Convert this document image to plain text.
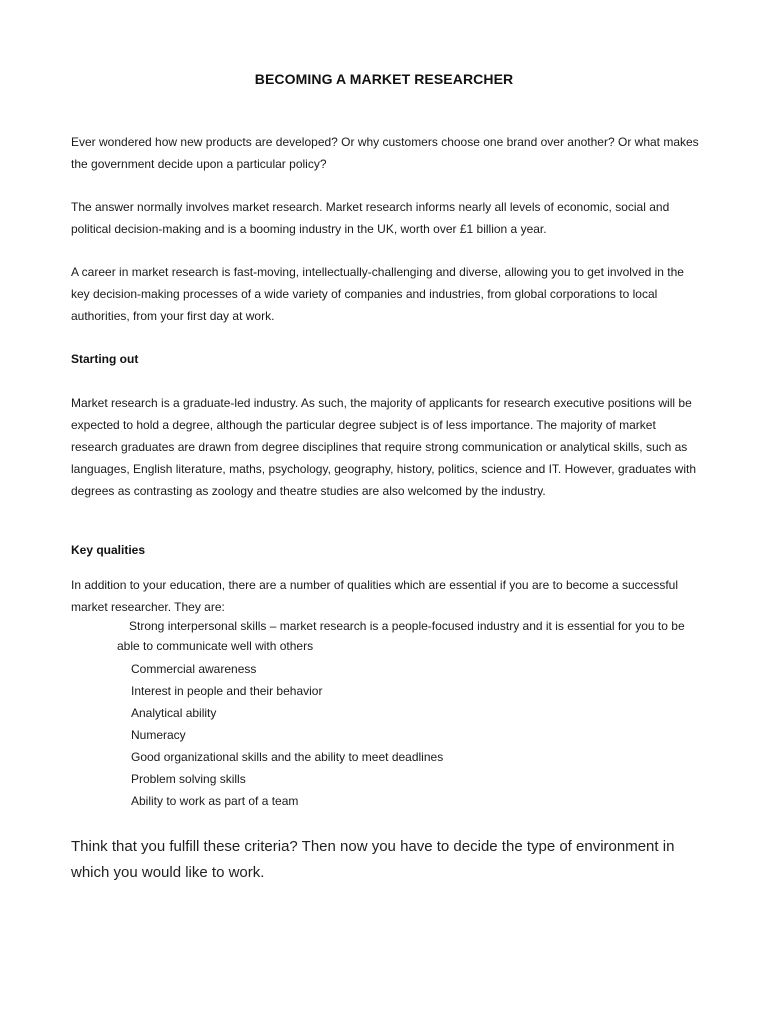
BECOMING A MARKET RESEARCHER

Ever wondered how new products are developed? Or why customers choose one brand over another? Or what makes the government decide upon a particular policy?

The answer normally involves market research. Market research informs nearly all levels of economic, social and political decision-making and is a booming industry in the UK, worth over £1 billion a year.

A career in market research is fast-moving, intellectually-challenging and diverse, allowing you to get involved in the key decision-making processes of a wide variety of companies and industries, from global corporations to local authorities, from your first day at work.

Starting out

Market research is a graduate-led industry. As such, the majority of applicants for research executive positions will be expected to hold a degree, although the particular degree subject is of less importance. The majority of market research graduates are drawn from degree disciplines that require strong communication or analytical skills, such as languages, English literature, maths, psychology, geography, history, politics, science and IT. However, graduates with degrees as contrasting as zoology and theatre studies are also welcomed by the industry.

Key qualities

In addition to your education, there are a number of qualities which are essential if you are to become a successful market researcher. They are:

Strong interpersonal skills – market research is a people-focused industry and it is essential for you to be
able to communicate well with others
Commercial awareness
Interest in people and their behavior
Analytical ability
Numeracy
Good organizational skills and the ability to meet deadlines
Problem solving skills
Ability to work as part of a team

Think that you fulfill these criteria? Then now you have to decide the type of environment in which you would like to work.
